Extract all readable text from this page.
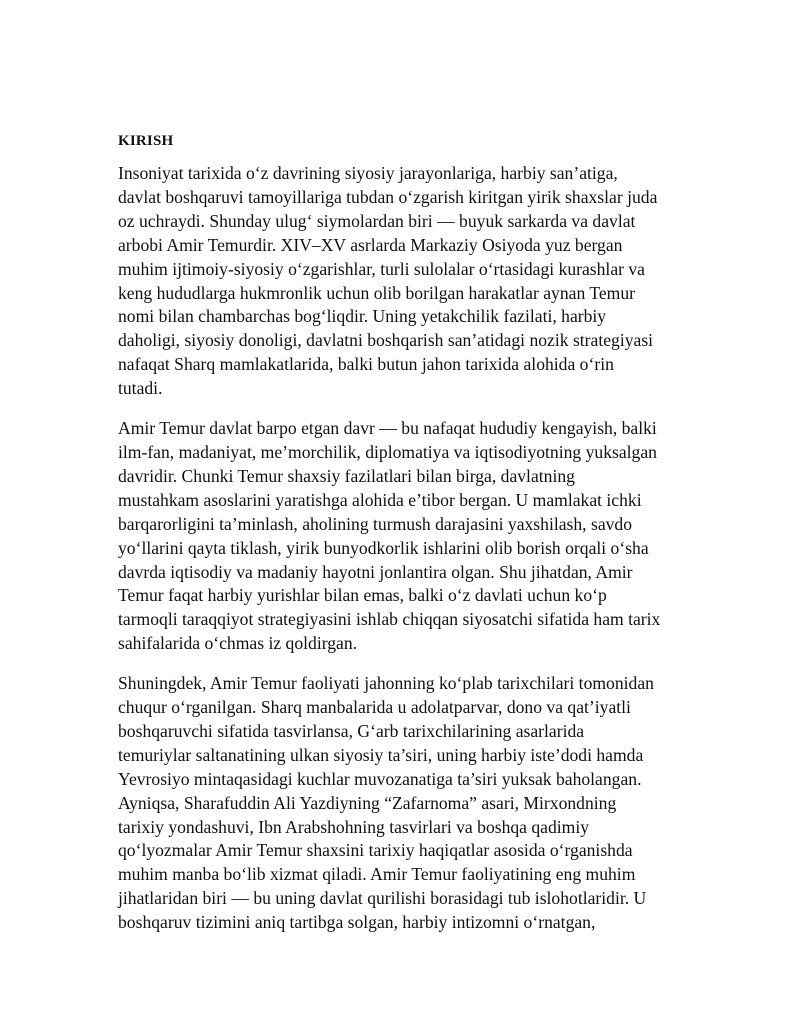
KIRISH
Insoniyat tarixida o‘z davrining siyosiy jarayonlariga, harbiy san’atiga,
davlat boshqaruvi tamoyillariga tubdan o‘zgarish kiritgan yirik shaxslar juda
oz uchraydi. Shunday ulug‘ siymolardan biri — buyuk sarkarda va davlat
arbobi Amir Temurdir. XIV–XV asrlarda Markaziy Osiyoda yuz bergan
muhim ijtimoiy-siyosiy o‘zgarishlar, turli sulolalar o‘rtasidagi kurashlar va
keng hududlarga hukmronlik uchun olib borilgan harakatlar aynan Temur
nomi bilan chambarchas bog‘liqdir. Uning yetakchilik fazilati, harbiy
daholigi, siyosiy donoligi, davlatni boshqarish san’atidagi nozik strategiyasi
nafaqat Sharq mamlakatlarida, balki butun jahon tarixida alohida o‘rin
tutadi.
Amir Temur davlat barpo etgan davr — bu nafaqat hududiy kengayish, balki
ilm-fan, madaniyat, me’morchilik, diplomatiya va iqtisodiyotning yuksalgan
davridir. Chunki Temur shaxsiy fazilatlari bilan birga, davlatning
mustahkam asoslarini yaratishga alohida e’tibor bergan. U mamlakat ichki
barqarorligini ta’minlash, aholining turmush darajasini yaxshilash, savdo
yo‘llarini qayta tiklash, yirik bunyodkorlik ishlarini olib borish orqali o‘sha
davrda iqtisodiy va madaniy hayotni jonlantira olgan. Shu jihatdan, Amir
Temur faqat harbiy yurishlar bilan emas, balki o‘z davlati uchun ko‘p
tarmoqli taraqqiyot strategiyasini ishlab chiqqan siyosatchi sifatida ham tarix
sahifalarida o‘chmas iz qoldirgan.
Shuningdek, Amir Temur faoliyati jahonning ko‘plab tarixchilari tomonidan
chuqur o‘rganilgan. Sharq manbalarida u adolatparvar, dono va qat’iyatli
boshqaruvchi sifatida tasvirlansa, G‘arb tarixchilarining asarlarida
temuriylar saltanatining ulkan siyosiy ta’siri, uning harbiy iste’dodi hamda
Yevrosiyo mintaqasidagi kuchlar muvozanatiga ta’siri yuksak baholangan.
Ayniqsa, Sharafuddin Ali Yazdiyning “Zafarnoma” asari, Mirxondning
tarixiy yondashuvi, Ibn Arabshohning tasvirlari va boshqa qadimiy
qo‘lyozmalar Amir Temur shaxsini tarixiy haqiqatlar asosida o‘rganishda
muhim manba bo‘lib xizmat qiladi. Amir Temur faoliyatining eng muhim
jihatlaridan biri — bu uning davlat qurilishi borasidagi tub islohotlaridir. U
boshqaruv tizimini aniq tartibga solgan, harbiy intizomni o‘rnatgan,
